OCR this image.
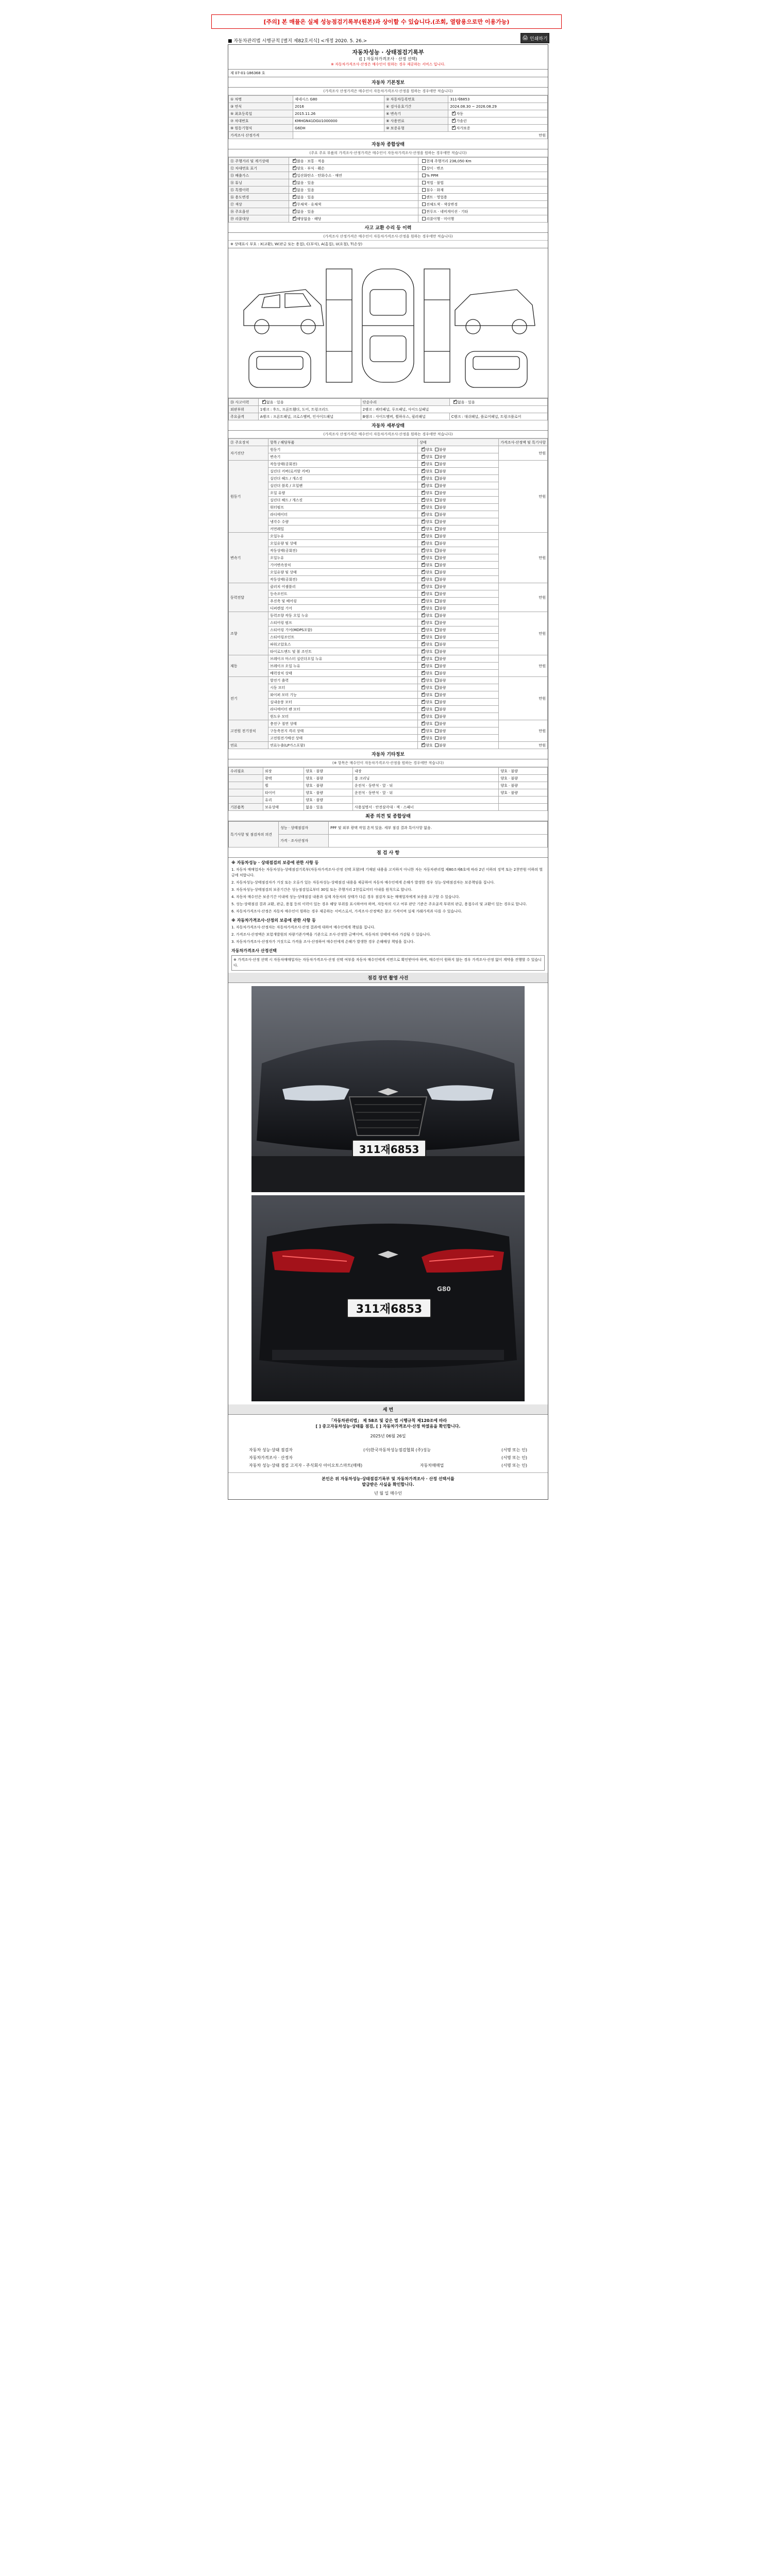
[주의] 본 매뮬은 실제 성능점검기록부(원본)과 상이할 수 있습니다.(조회, 열람용으로만 이용가능)
■ 자동차관리법 시행규칙 [별지 제82호서식] <개정 2020. 5. 26.>
🖨 인쇄하기
자동차성능 · 상태점검기록부
([ ] 자동차가격조사 · 산정 선택)
※ 자동차가격조사·산정은 매수인이 원하는 경우 제공하는 서비스 입니다.
제 07-01-186368 호
자동차 기본정보
(가격조사 산정가격은 매수인이 자동차가격조사·산정을 원하는 경우에만 적습니다)
① 차명	제네시스 G80	② 자동차등록번호	311제6853
③ 연식	2016	④ 검사유효기간	2024.08.30 ~ 2026.08.29
⑤ 최초등록일	2015.11.26	⑥ 변속기	✓자동
⑦ 차대번호	KMHGN41DGU1000000	⑧ 사용연료	✓가솔린
⑨ 원동기형식	G6DH	⑩ 보증유형	✓자가보증
가격조사 산정가격	만원		
자동차 종합상태
(주요 주요 부품의 가격조사·산정가격은 매수인이 자동차가격조사·산정을 원하는 경우에만 적습니다)
⑪ 주행거리 및 계기상태	✓많음 · 보통 · 적음	현재 주행거리 236,050 Km
⑫ 차대번호 표기	✓양호 · 부식 · 훼손	상이 · 변조
⑬ 배출가스	✓일산화탄소 · 탄화수소 · 매연	% PPM
⑭ 튜닝	✓없음 · 있음	적법 · 불법
⑮ 특별이력	✓없음 · 있음	침수 · 화재
⑯ 용도변경	✓없음 · 있음	렌트 · 영업용
⑰ 색상	✓무채색 · 유채색	전체도색 · 색상변경
⑱ 주요옵션	✓없음 · 있음	썬루프 · 네비게이션 · 기타
⑲ 리콜대상	✓해당없음 · 해당	리콜이행 · 미이행
사고 교환 수리 등 이력
(가격조사 산정가격은 매수인이 자동차가격조사·산정을 원하는 경우에만 적습니다)
※ 상태표시 부호 : X(교환), W(판금 또는 용접), C(부식), A(흠집), U(요철), T(손상)
⑳ 사고이력	✓없음 · 있음	단순수리	✓없음 · 있음
외판부위	1랭크 : 후드, 프론트휀더, 도어, 트렁크리드	2랭크 : 쿼터패널, 루프패널, 사이드실패널	
주요골격	A랭크 : 프론트패널, 크로스멤버, 인사이드패널	B랭크 : 사이드멤버, 휠하우스, 필러패널	C랭크 : 대쉬패널, 플로어패널, 트렁크플로어
자동차 세부상태
(가격조사 산정가격은 매수인이 자동차가격조사·산정을 원하는 경우에만 적습니다)
㉑ 주요장치	항목 / 해당부품	상태	가격조사·산정액 및 특기사항
자기진단	원동기	✓양호 불량	만원
	변속기	✓양호 불량
원동기	작동상태(공회전)	✓양호 불량	만원
	실린더 커버(로커암 커버)	✓양호 불량
	실린더 헤드 / 개스킷	✓양호 불량
	실린더 블록 / 오일팬	✓양호 불량
	오일 유량	✓양호 불량
	실린더 헤드 / 개스킷	✓양호 불량
	워터펌프	✓양호 불량
	라디에이터	✓양호 불량
	냉각수 수량	✓양호 불량
	커먼레일	✓양호 불량
변속기	오일누유	✓양호 불량	만원
	오일유량 및 상태	✓양호 불량
	작동상태(공회전)	✓양호 불량
	오일누유	✓양호 불량
	기어변속장치	✓양호 불량
	오일유량 및 상태	✓양호 불량
	작동상태(공회전)	✓양호 불량
동력전달	클러치 어셈블리	✓양호 불량	만원
	등속조인트	✓양호 불량
	추진축 및 베어링	✓양호 불량
	디퍼렌셜 기어	✓양호 불량
조향	동력조향 작동 오일 누유	✓양호 불량	만원
	스티어링 펌프	✓양호 불량
	스티어링 기어(MDPS포함)	✓양호 불량
	스티어링조인트	✓양호 불량
	파워고압호스	✓양호 불량
	타이로드엔드 및 볼 조인트	✓양호 불량
제동	브레이크 마스터 실린더오일 누유	✓양호 불량	만원
	브레이크 오일 누유	✓양호 불량
	배력장치 상태	✓양호 불량
전기	발전기 출력	✓양호 불량	만원
	시동 모터	✓양호 불량
	와이퍼 모터 기능	✓양호 불량
	실내송풍 모터	✓양호 불량
	라디에이터 팬 모터	✓양호 불량
	윈도우 모터	✓양호 불량
고전원 전기장치	충전구 절연 상태	✓양호 불량	만원
	구동축전지 격리 상태	✓양호 불량
	고전원전기배선 상태	✓양호 불량
연료	연료누출(LP가스포함)	✓양호 불량	만원
자동차 기타정보
(※ 항목은 매수인이 자동차가격조사·산정을 원하는 경우에만 적습니다)
수리필요	외장	양호 · 불량	내장	양호 · 불량
	광택	양호 · 불량	룸 크리닝	양호 · 불량
	휠	양호 · 불량	운전석 · 동반석 · 앞 · 뒤	양호 · 불량
	타이어	양호 · 불량	운전석 · 동반석 · 앞 · 뒤	양호 · 불량
	유리	양호 · 불량		
기본품목	보유상태	없음 · 있음	사용설명서 · 안전삼각대 · 잭 · 스패너	
최종 의견 및 종합상태
특기사항 및 점검자의 의견	성능 · 상태점검자	PPF 및 외부 광택 작업 흔적 있음. 세부 점검 결과 특이사항 없음.
	가격 · 조사산정자	
점 검 사 항

※ 자동차성능 · 상태점검의 보증에 관한 사항 등

1. 자동차 매매업자는 자동차성능·상태점검기록부(자동차가격조사·산정 선택 포함)에 기재된 내용을 고지하지 아니한 자는 자동차관리법 제80조제6호에 따라 2년 이하의 징역 또는 2천만원 이하의 벌금에 처합니다.

2. 자동차성능·상태점검자가 거짓 또는 오류가 있는 자동차성능·상태점검 내용을 제공하여 자동차 매수인에게 손해가 발생한 경우 성능·상태점검자는 보증책임을 집니다.

3. 자동차성능·상태점검의 보증기간은 성능점검일로부터 30일 또는 주행거리 2천킬로미터 이내를 원칙으로 합니다.

4. 자동차 매수인은 보증기간 이내에 성능·상태점검 내용과 실제 자동차의 상태가 다른 경우 점검자 또는 매매업자에게 보증을 요구할 수 있습니다.

5. 성능·상태점검 결과 교환, 판금, 용접 등의 이력이 있는 경우 해당 부위를 표시하여야 하며, 자동차의 사고 여부 판단 기준은 주요골격 부위의 판금, 용접수리 및 교환이 있는 경우로 합니다.

6. 자동차가격조사·산정은 자동차 매수인이 원하는 경우 제공하는 서비스로서, 가격조사·산정액은 참고 가격이며 실제 거래가격과 다를 수 있습니다.

※ 자동차가격조사·산정의 보증에 관한 사항 등

1. 자동차가격조사·산정자는 자동차가격조사·산정 결과에 대하여 매수인에게 책임을 집니다.

2. 가격조사·산정액은 보험개발원의 차량기준가액을 기준으로 조사·산정한 금액이며, 자동차의 상태에 따라 가감될 수 있습니다.

3. 자동차가격조사·산정자가 거짓으로 가격을 조사·산정하여 매수인에게 손해가 발생한 경우 손해배상 책임을 집니다.

자동차가격조사 산정선택

※ 가격조사·산정 선택 시 자동차매매업자는 자동차가격조사·산정 선택 여부를 자동차 매수인에게 서면으로 확인받아야 하며, 매수인이 원하지 않는 경우 가격조사·산정 없이 계약을 진행할 수 있습니다.
점검 장면 촬영 사진
311재6853
G80
311재6853
세 번
「자동차관리법」 제 58조 및 같은 법 시행규칙 제120조에 따라
[ ] 중고자동차성능·상태를 점검, [ ] 자동차가격조사·산정 하였음을 확인합니다.
2025년 06월 26일
자동차 성능·상태 점검자	(사)한국자동차성능점검협회 (주)성능	(서명 또는 인)
자동차가격조사 · 산정자	(서명 또는 인)
자동차 성능·상태 점검 고지자 - 주식회사 아이오토스마트(매매)	자동차매매업	(서명 또는 인)
본인은 위 자동차성능·상태점검기록부 및 자동차가격조사 · 산정 선택서를
발급받은 사실을 확인합니다.
년 월 일 매수인
